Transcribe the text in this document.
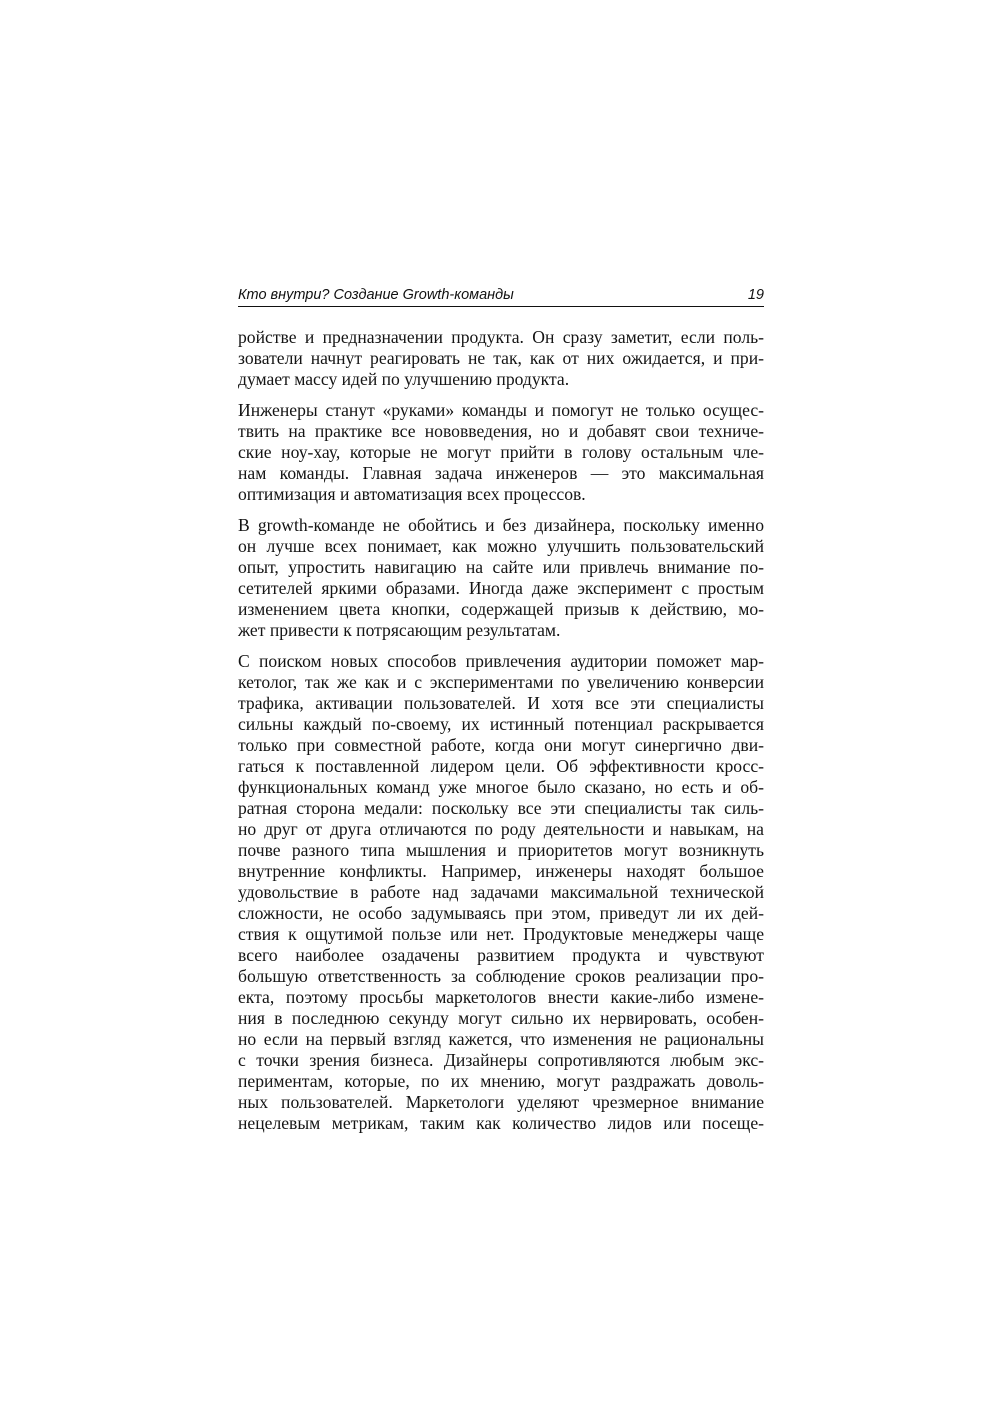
Кто внутри? Создание Growth-команды	19
ройстве и предназначении продукта. Он сразу заметит, если поль-
зователи начнут реагировать не так, как от них ожидается, и при-
думает массу идей по улучшению продукта.
Инженеры станут «руками» команды и помогут не только осущес-
твить на практике все нововведения, но и добавят свои техниче-
ские ноу-хау, которые не могут прийти в голову остальным чле-
нам команды. Главная задача инженеров — это максимальная
оптимизация и автоматизация всех процессов.
В growth-команде не обойтись и без дизайнера, поскольку именно
он лучше всех понимает, как можно улучшить пользовательский
опыт, упростить навигацию на сайте или привлечь внимание по-
сетителей яркими образами. Иногда даже эксперимент с простым
изменением цвета кнопки, содержащей призыв к действию, мо-
жет привести к потрясающим результатам.
С поиском новых способов привлечения аудитории поможет мар-
кетолог, так же как и с экспериментами по увеличению конверсии
трафика, активации пользователей. И хотя все эти специалисты
сильны каждый по-своему, их истинный потенциал раскрывается
только при совместной работе, когда они могут синергично дви-
гаться к поставленной лидером цели. Об эффективности кросс-
функциональных команд уже многое было сказано, но есть и об-
ратная сторона медали: поскольку все эти специалисты так силь-
но друг от друга отличаются по роду деятельности и навыкам, на
почве разного типа мышления и приоритетов могут возникнуть
внутренние конфликты. Например, инженеры находят большое
удовольствие в работе над задачами максимальной технической
сложности, не особо задумываясь при этом, приведут ли их дей-
ствия к ощутимой пользе или нет. Продуктовые менеджеры чаще
всего наиболее озадачены развитием продукта и чувствуют
большую ответственность за соблюдение сроков реализации про-
екта, поэтому просьбы маркетологов внести какие-либо измене-
ния в последнюю секунду могут сильно их нервировать, особен-
но если на первый взгляд кажется, что изменения не рациональны
с точки зрения бизнеса. Дизайнеры сопротивляются любым экс-
периментам, которые, по их мнению, могут раздражать доволь-
ных пользователей. Маркетологи уделяют чрезмерное внимание
нецелевым метрикам, таким как количество лидов или посеще-
